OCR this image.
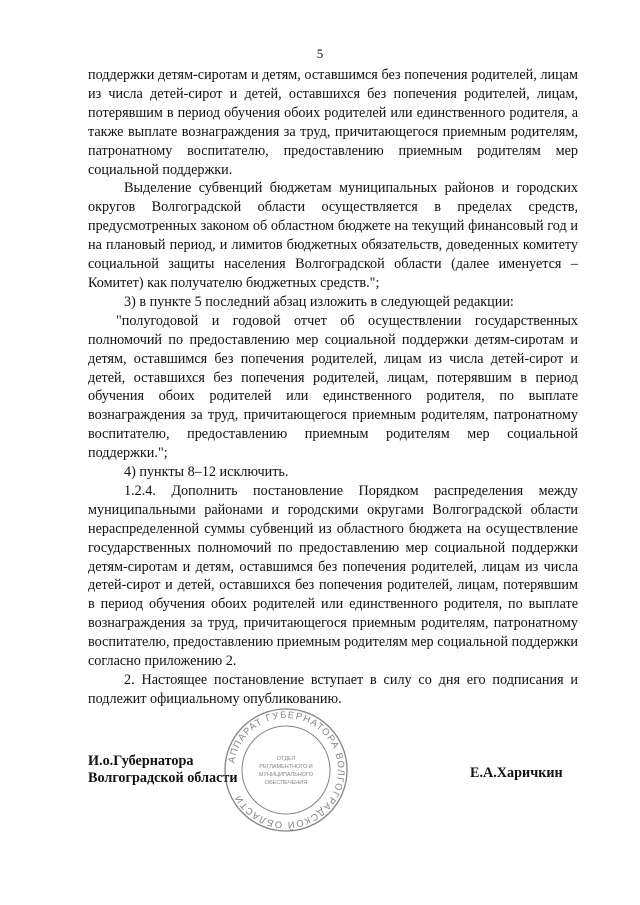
5

поддержки детям-сиротам и детям, оставшимся без попечения родителей, лицам из числа детей-сирот и детей, оставшихся без попечения родителей, лицам, потерявшим в период обучения обоих родителей или единственного родителя, а также выплате вознаграждения за труд, причитающегося приемным родителям, патронатному воспитателю, предоставлению приемным родителям мер социальной поддержки.

Выделение субвенций бюджетам муниципальных районов и городских округов Волгоградской области осуществляется в пределах средств, предусмотренных законом об областном бюджете на текущий финансовый год и на плановый период, и лимитов бюджетных обязательств, доведенных комитету социальной защиты населения Волгоградской области (далее именуется – Комитет) как получателю бюджетных средств.";

3) в пункте 5 последний абзац изложить в следующей редакции:

"полугодовой и годовой отчет об осуществлении государственных полномочий по предоставлению мер социальной поддержки детям-сиротам и детям, оставшимся без попечения родителей, лицам из числа детей-сирот и детей, оставшихся без попечения родителей, лицам, потерявшим в период обучения обоих родителей или единственного родителя, по выплате вознаграждения за труд, причитающегося приемным родителям, патронатному воспитателю, предоставлению приемным родителям мер социальной поддержки.";

4) пункты 8–12 исключить.

1.2.4. Дополнить постановление Порядком распределения между муниципальными районами и городскими округами Волгоградской области нераспределенной суммы субвенций из областного бюджета на осуществление государственных полномочий по предоставлению мер социальной поддержки детям-сиротам и детям, оставшимся без попечения родителей, лицам из числа детей-сирот и детей, оставшихся без попечения родителей, лицам, потерявшим в период обучения обоих родителей или единственного родителя, по выплате вознаграждения за труд, причитающегося приемным родителям, патронатному воспитателю, предоставлению приемным родителям мер социальной поддержки согласно приложению 2.

2. Настоящее постановление вступает в силу со дня его подписания и подлежит официальному опубликованию.

И.о.Губернатора
Волгоградской области	Е.А.Харичкин
АППАРАТ ГУБЕРНАТОРА ВОЛГОГРАДСКОЙ ОБЛАСТИ
ОТДЕЛ
РЕГЛАМЕНТНОГО И
МУНИЦИПАЛЬНОГО
ОБЕСПЕЧЕНИЯ
